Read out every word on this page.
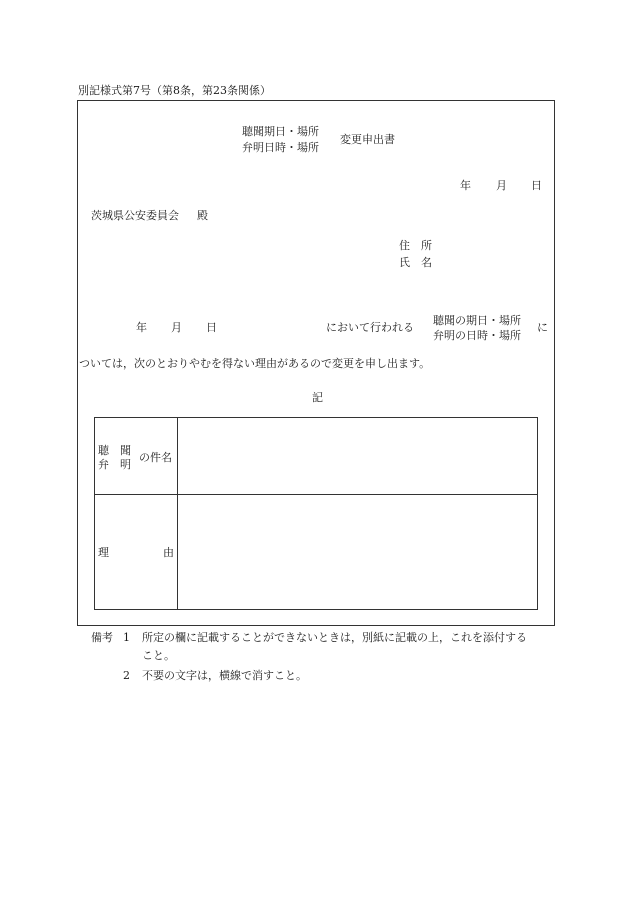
別記様式第7号（第8条，第23条関係）
聴聞期日・場所
弁明日時・場所
変更申出書
年 月 日
茨城県公安委員会 殿
住　所
氏　名
年 月 日	において行われる
聴聞の期日・場所
弁明の日時・場所
に
ついては，次のとおりやむを得ない理由があるので変更を申し出ます。
記
聴　聞
弁　明
の件名
理	由
備考 1 所定の欄に記載することができないときは，別紙に記載の上，これを添付する
こと。
2 不要の文字は，横線で消すこと。
